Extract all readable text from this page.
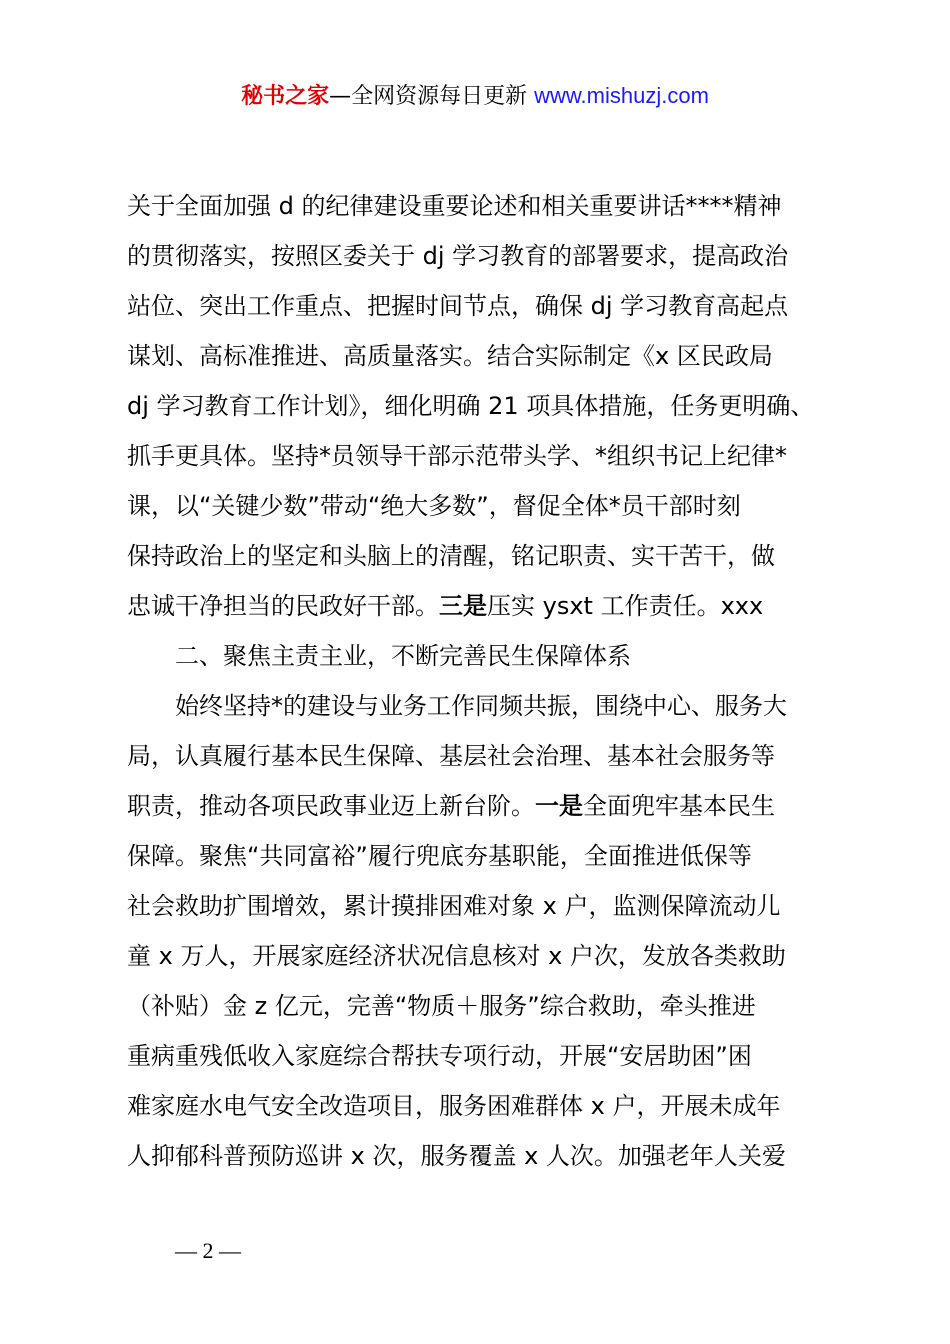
秘书之家—全网资源每日更新 www.mishuzj.com

关于全面加强 d 的纪律建设重要论述和相关重要讲话****精神

的贯彻落实，按照区委关于 dj 学习教育的部署要求，提高政治

站位、突出工作重点、把握时间节点，确保 dj 学习教育高起点

谋划、高标准推进、高质量落实。结合实际制定《x 区民政局

dj 学习教育工作计划》，细化明确 21 项具体措施，任务更明确、

抓手更具体。坚持*员领导干部示范带头学、*组织书记上纪律*

课，以“关键少数”带动“绝大多数”，督促全体*员干部时刻

保持政治上的坚定和头脑上的清醒，铭记职责、实干苦干，做

忠诚干净担当的民政好干部。三是压实 ysxt 工作责任。xxx

二、聚焦主责主业，不断完善民生保障体系

始终坚持*的建设与业务工作同频共振，围绕中心、服务大

局，认真履行基本民生保障、基层社会治理、基本社会服务等

职责，推动各项民政事业迈上新台阶。一是全面兜牢基本民生

保障。聚焦“共同富裕”履行兜底夯基职能，全面推进低保等

社会救助扩围增效，累计摸排困难对象 x 户，监测保障流动儿

童 x 万人，开展家庭经济状况信息核对 x 户次，发放各类救助

（补贴）金 z 亿元，完善“物质＋服务”综合救助，牵头推进

重病重残低收入家庭综合帮扶专项行动，开展“安居助困”困

难家庭水电气安全改造项目，服务困难群体 x 户，开展未成年

人抑郁科普预防巡讲 x 次，服务覆盖 x 人次。加强老年人关爱

— 2 —
